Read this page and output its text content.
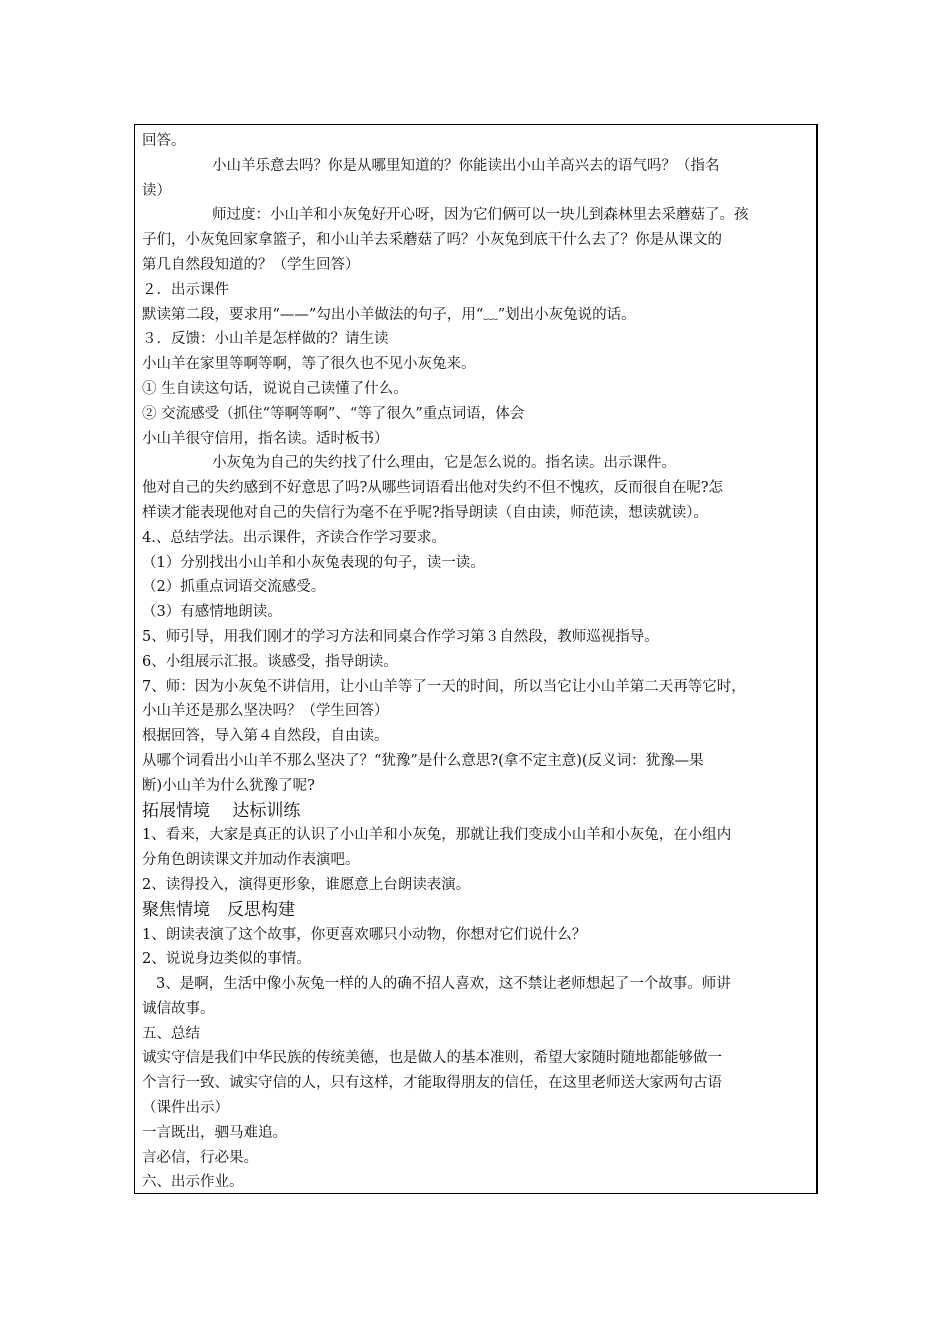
回答。
小山羊乐意去吗？你是从哪里知道的？你能读出小山羊高兴去的语气吗？（指名
读）
师过度：小山羊和小灰兔好开心呀，因为它们俩可以一块儿到森林里去采蘑菇了。孩
子们，小灰兔回家拿篮子，和小山羊去采蘑菇了吗？小灰兔到底干什么去了？你是从课文的
第几自然段知道的？（学生回答）
２．出示课件
默读第二段，要求用“——”勾出小羊做法的句子，用“﹏”划出小灰兔说的话。
３．反馈：小山羊是怎样做的？请生读
小山羊在家里等啊等啊，等了很久也不见小灰兔来。
① 生自读这句话，说说自己读懂了什么。
② 交流感受（抓住“等啊等啊”、“等了很久”重点词语，体会
小山羊很守信用，指名读。适时板书）
小灰兔为自己的失约找了什么理由，它是怎么说的。指名读。出示课件。
他对自己的失约感到不好意思了吗?从哪些词语看出他对失约不但不愧疚，反而很自在呢?怎
样读才能表现他对自己的失信行为毫不在乎呢?指导朗读（自由读，师范读，想读就读）。
4.、总结学法。出示课件，齐读合作学习要求。
（1）分别找出小山羊和小灰兔表现的句子，读一读。
（2）抓重点词语交流感受。
（3）有感情地朗读。
5、师引导，用我们刚才的学习方法和同桌合作学习第３自然段，教师巡视指导。
6、小组展示汇报。谈感受，指导朗读。
7、师：因为小灰兔不讲信用，让小山羊等了一天的时间，所以当它让小山羊第二天再等它时，
小山羊还是那么坚决吗？（学生回答）
根据回答，导入第４自然段，自由读。
从哪个词看出小山羊不那么坚决了？“犹豫”是什么意思?(拿不定主意)(反义词：犹豫—果
断)小山羊为什么犹豫了呢?
拓展情境　 达标训练
1、看来，大家是真正的认识了小山羊和小灰兔，那就让我们变成小山羊和小灰兔，在小组内
分角色朗读课文并加动作表演吧。
2、读得投入，演得更形象，谁愿意上台朗读表演。
聚焦情境　反思构建
1、朗读表演了这个故事，你更喜欢哪只小动物，你想对它们说什么？
2、说说身边类似的事情。
3、是啊，生活中像小灰兔一样的人的确不招人喜欢，这不禁让老师想起了一个故事。师讲
诚信故事。
五、总结
诚实守信是我们中华民族的传统美德，也是做人的基本准则，希望大家随时随地都能够做一
个言行一致、诚实守信的人，只有这样，才能取得朋友的信任，在这里老师送大家两句古语
（课件出示）
一言既出，驷马难追。
言必信，行必果。
六、出示作业。
